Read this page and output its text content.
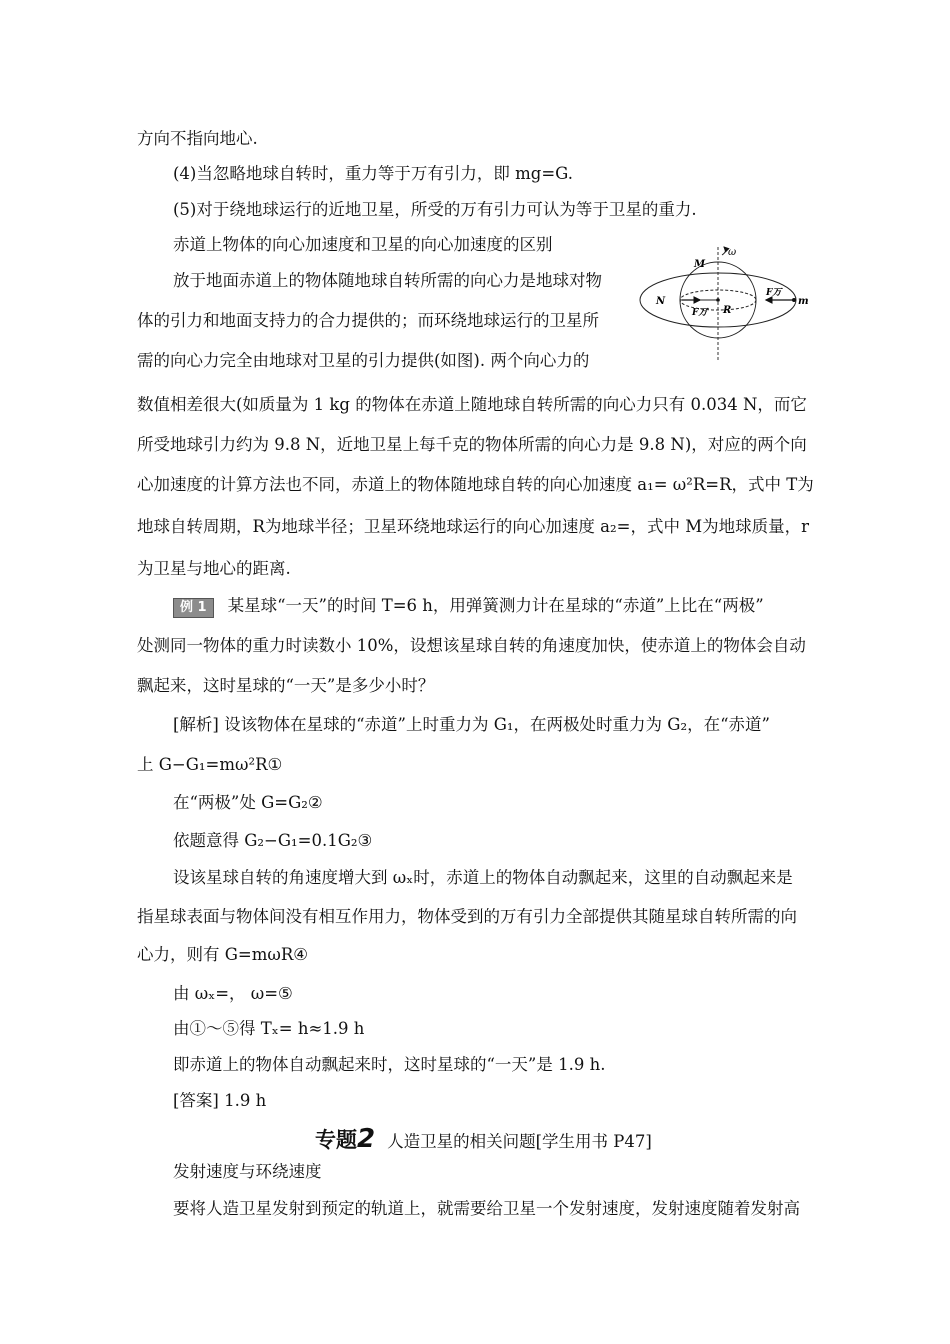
方向不指向地心.
(4)当忽略地球自转时，重力等于万有引力，即 mg=G.
(5)对于绕地球运行的近地卫星，所受的万有引力可认为等于卫星的重力.
赤道上物体的向心加速度和卫星的向心加速度的区别
放于地面赤道上的物体随地球自转所需的向心力是地球对物
体的引力和地面支持力的合力提供的；而环绕地球运行的卫星所
需的向心力完全由地球对卫星的引力提供(如图). 两个向心力的
数值相差很大(如质量为 1 kg 的物体在赤道上随地球自转所需的向心力只有 0.034 N，而它
所受地球引力约为 9.8 N，近地卫星上每千克的物体所需的向心力是 9.8 N)，对应的两个向
心加速度的计算方法也不同，赤道上的物体随地球自转的向心加速度 a₁= ω²R=R，式中 T为
地球自转周期，R为地球半径；卫星环绕地球运行的向心加速度 a₂=，式中 M为地球质量，r
为卫星与地心的距离.
例 1 某星球“一天”的时间 T=6 h，用弹簧测力计在星球的“赤道”上比在“两极”
处测同一物体的重力时读数小 10%，设想该星球自转的角速度加快，使赤道上的物体会自动
飘起来，这时星球的“一天”是多少小时？
[解析] 设该物体在星球的“赤道”上时重力为 G₁，在两极处时重力为 G₂，在“赤道”
上 G−G₁=mω²R①
在“两极”处 G=G₂②
依题意得 G₂−G₁=0.1G₂③
设该星球自转的角速度增大到 ωₓ时，赤道上的物体自动飘起来，这里的自动飘起来是
指星球表面与物体间没有相互作用力，物体受到的万有引力全部提供其随星球自转所需的向
心力，则有 G=mωR④
由 ωₓ=， ω=⑤
由①～⑤得 Tₓ= h≈1.9 h
即赤道上的物体自动飘起来时，这时星球的“一天”是 1.9 h.
[答案] 1.9 h
专题2 人造卫星的相关问题[学生用书 P47]
发射速度与环绕速度
要将人造卫星发射到预定的轨道上，就需要给卫星一个发射速度，发射速度随着发射高
ω
M
N
F万 R
F万
m
